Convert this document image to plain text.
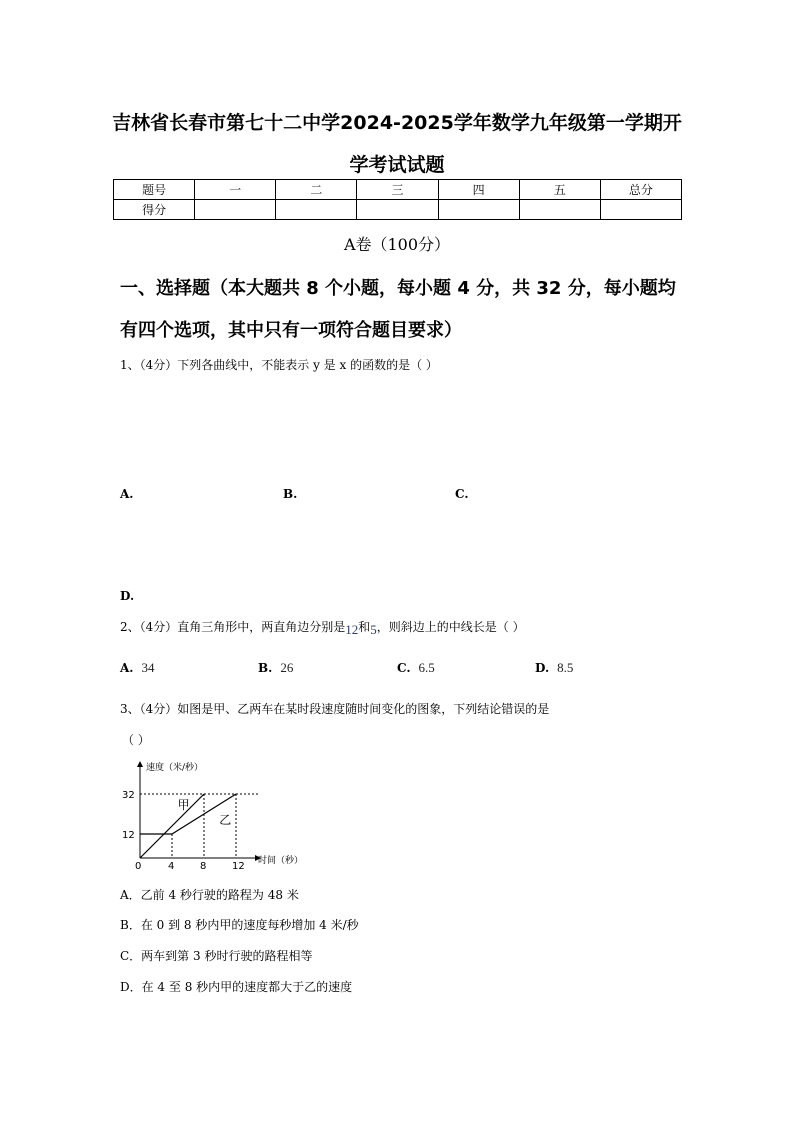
吉林省长春市第七十二中学2024-2025学年数学九年级第一学期开
学考试试题
题号	一	二	三	四	五	总分
得分						
A卷（100分）
一、选择题（本大题共 8 个小题，每小题 4 分，共 32 分，每小题均
有四个选项，其中只有一项符合题目要求）
1、（4分）下列各曲线中，不能表示 y 是 x 的函数的是（ ）
A.	B.	C.
D.
2、（4分）直角三角形中，两直角边分别是12和5，则斜边上的中线长是（ ）
A. 34	B. 26	C. 6.5	D. 8.5
3、（4分）如图是甲、乙两车在某时段速度随时间变化的图象，下列结论错误的是
（ ）
速度（米/秒）
时间（秒）
甲
乙
0	4	8	12
12
32
A．乙前 4 秒行驶的路程为 48 米
B．在 0 到 8 秒内甲的速度每秒增加 4 米/秒
C．两车到第 3 秒时行驶的路程相等
D．在 4 至 8 秒内甲的速度都大于乙的速度
